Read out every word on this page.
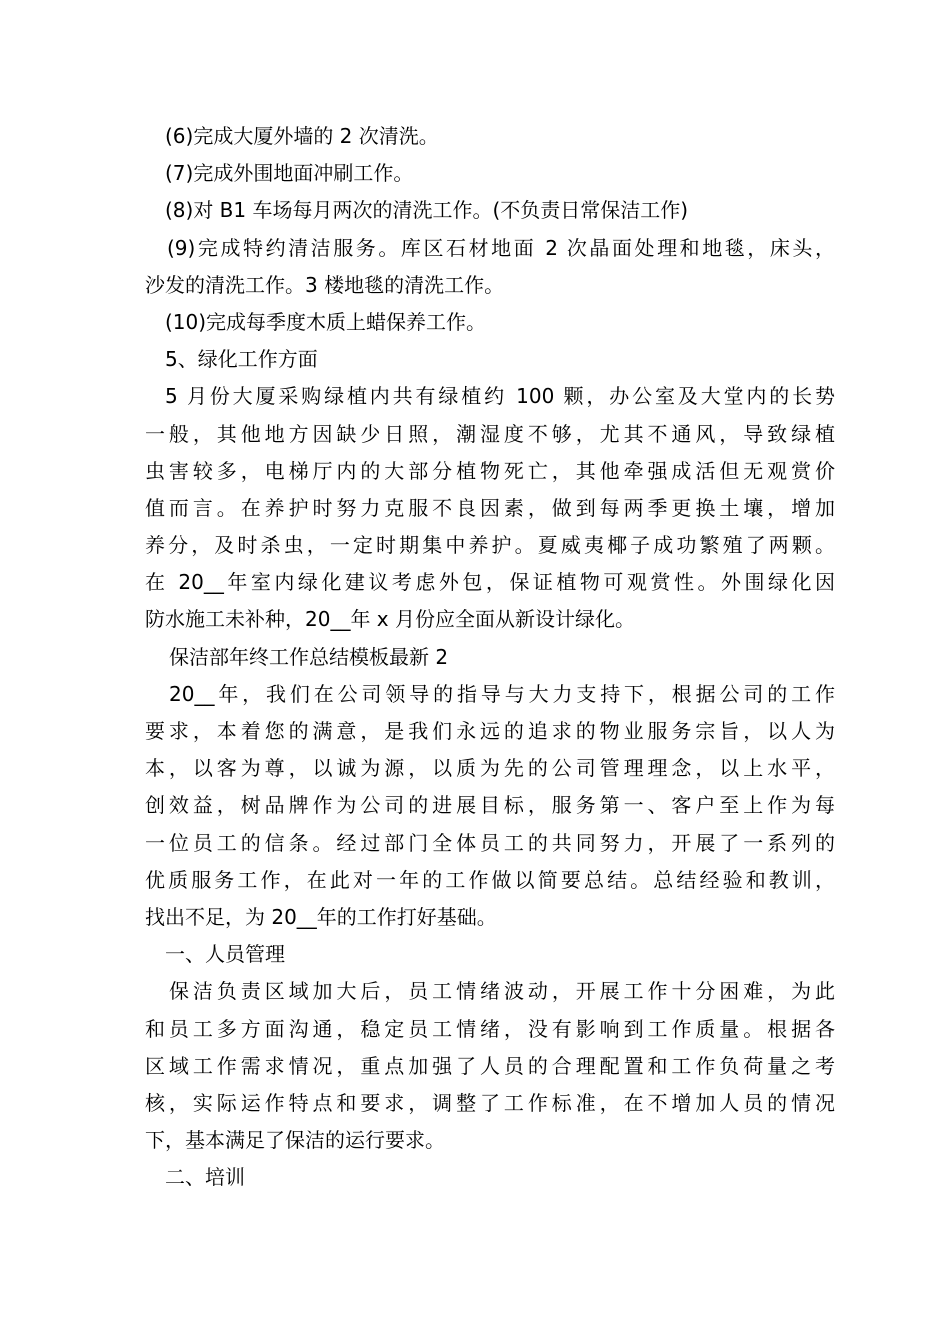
(6)完成大厦外墙的 2 次清洗。
(7)完成外围地面冲刷工作。
(8)对 B1 车场每月两次的清洗工作。(不负责日常保洁工作)
(9)完成特约清洁服务。库区石材地面 2 次晶面处理和地毯，床头，
沙发的清洗工作。3 楼地毯的清洗工作。
(10)完成每季度木质上蜡保养工作。
5、绿化工作方面
5 月份大厦采购绿植内共有绿植约 100 颗，办公室及大堂内的长势
一般，其他地方因缺少日照，潮湿度不够，尤其不通风，导致绿植
虫害较多，电梯厅内的大部分植物死亡，其他牵强成活但无观赏价
值而言。在养护时努力克服不良因素，做到每两季更换土壤，增加
养分，及时杀虫，一定时期集中养护。夏威夷椰子成功繁殖了两颗。
在 20__年室内绿化建议考虑外包，保证植物可观赏性。外围绿化因
防水施工未补种，20__年 x 月份应全面从新设计绿化。
保洁部年终工作总结模板最新 2
20__年，我们在公司领导的指导与大力支持下，根据公司的工作
要求，本着您的满意，是我们永远的追求的物业服务宗旨，以人为
本，以客为尊，以诚为源，以质为先的公司管理理念，以上水平，
创效益，树品牌作为公司的进展目标，服务第一、客户至上作为每
一位员工的信条。经过部门全体员工的共同努力，开展了一系列的
优质服务工作，在此对一年的工作做以简要总结。总结经验和教训，
找出不足，为 20__年的工作打好基础。
一、人员管理
保洁负责区域加大后，员工情绪波动，开展工作十分困难，为此
和员工多方面沟通，稳定员工情绪，没有影响到工作质量。根据各
区域工作需求情况，重点加强了人员的合理配置和工作负荷量之考
核，实际运作特点和要求，调整了工作标准，在不增加人员的情况
下，基本满足了保洁的运行要求。
二、培训
